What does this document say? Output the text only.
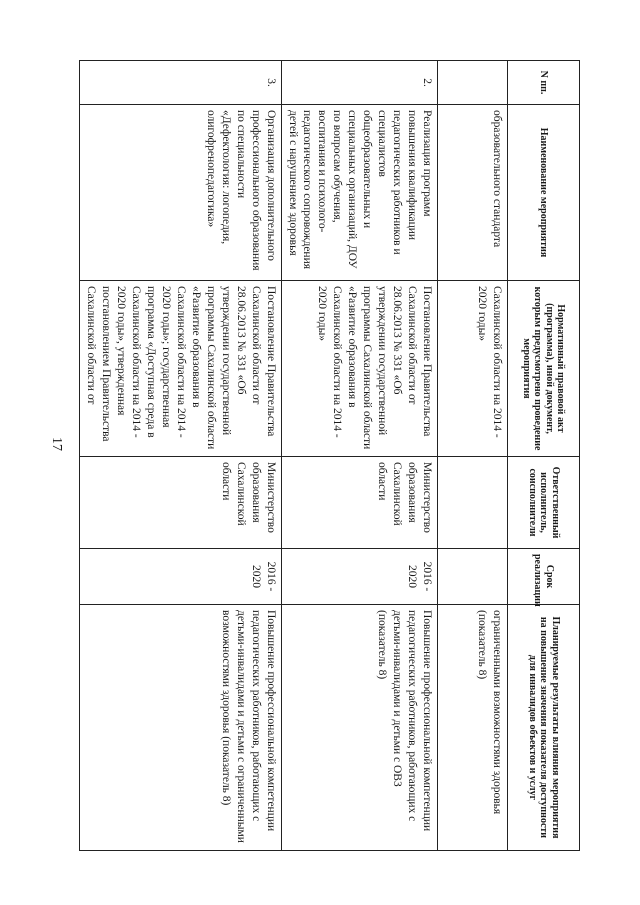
17
N пп.	Наименование мероприятия	Нормативный правовой акт (программа), иной документ, которым предусмотрено проведение мероприятия	Ответственный исполнитель, соисполнители	Срок реализации	Планируемые результаты влияния мероприятия на повышение значения показателя доступности для инвалидов объектов и услуг
	образовательного стандарта	Сахалинской области на 2014 - 2020 годы»			ограниченными возможностями здоровья (показатель 8)
2.	Реализация программ повышения квалификации педагогических работников и специалистов общеобразовательных и специальных организаций, ДОУ по вопросам обучения, воспитания и психолого-педагогического сопровождения детей с нарушением здоровья	Постановление Правительства Сахалинской области от 28.06.2013 № 331 «Об утверждении государственной программы Сахалинской области «Развитие образования в Сахалинской области на 2014 - 2020 годы»	Министерство образования Сахалинской области	2016 - 2020	Повышение профессиональной компетенции педагогических работников, работающих с детьми-инвалидами и детьми с ОВЗ (показатель 8)
3.	Организация дополнительного профессионального образования по специальности «Дефектология: логопедия, олигофренопедагогика»	Постановление Правительства Сахалинской области от 28.06.2013 № 331 «Об утверждении государственной программы Сахалинской области «Развитие образования в Сахалинской области на 2014 - 2020 годы»; государственная программа «Доступная среда в Сахалинской области на 2014 - 2020 годы», утвержденная постановлением Правительства Сахалинской области от	Министерство образования Сахалинской области	2016 - 2020	Повышение профессиональной компетенции педагогических работников, работающих с детьми-инвалидами и детьми с ограниченными возможностями здоровья (показатель 8)
